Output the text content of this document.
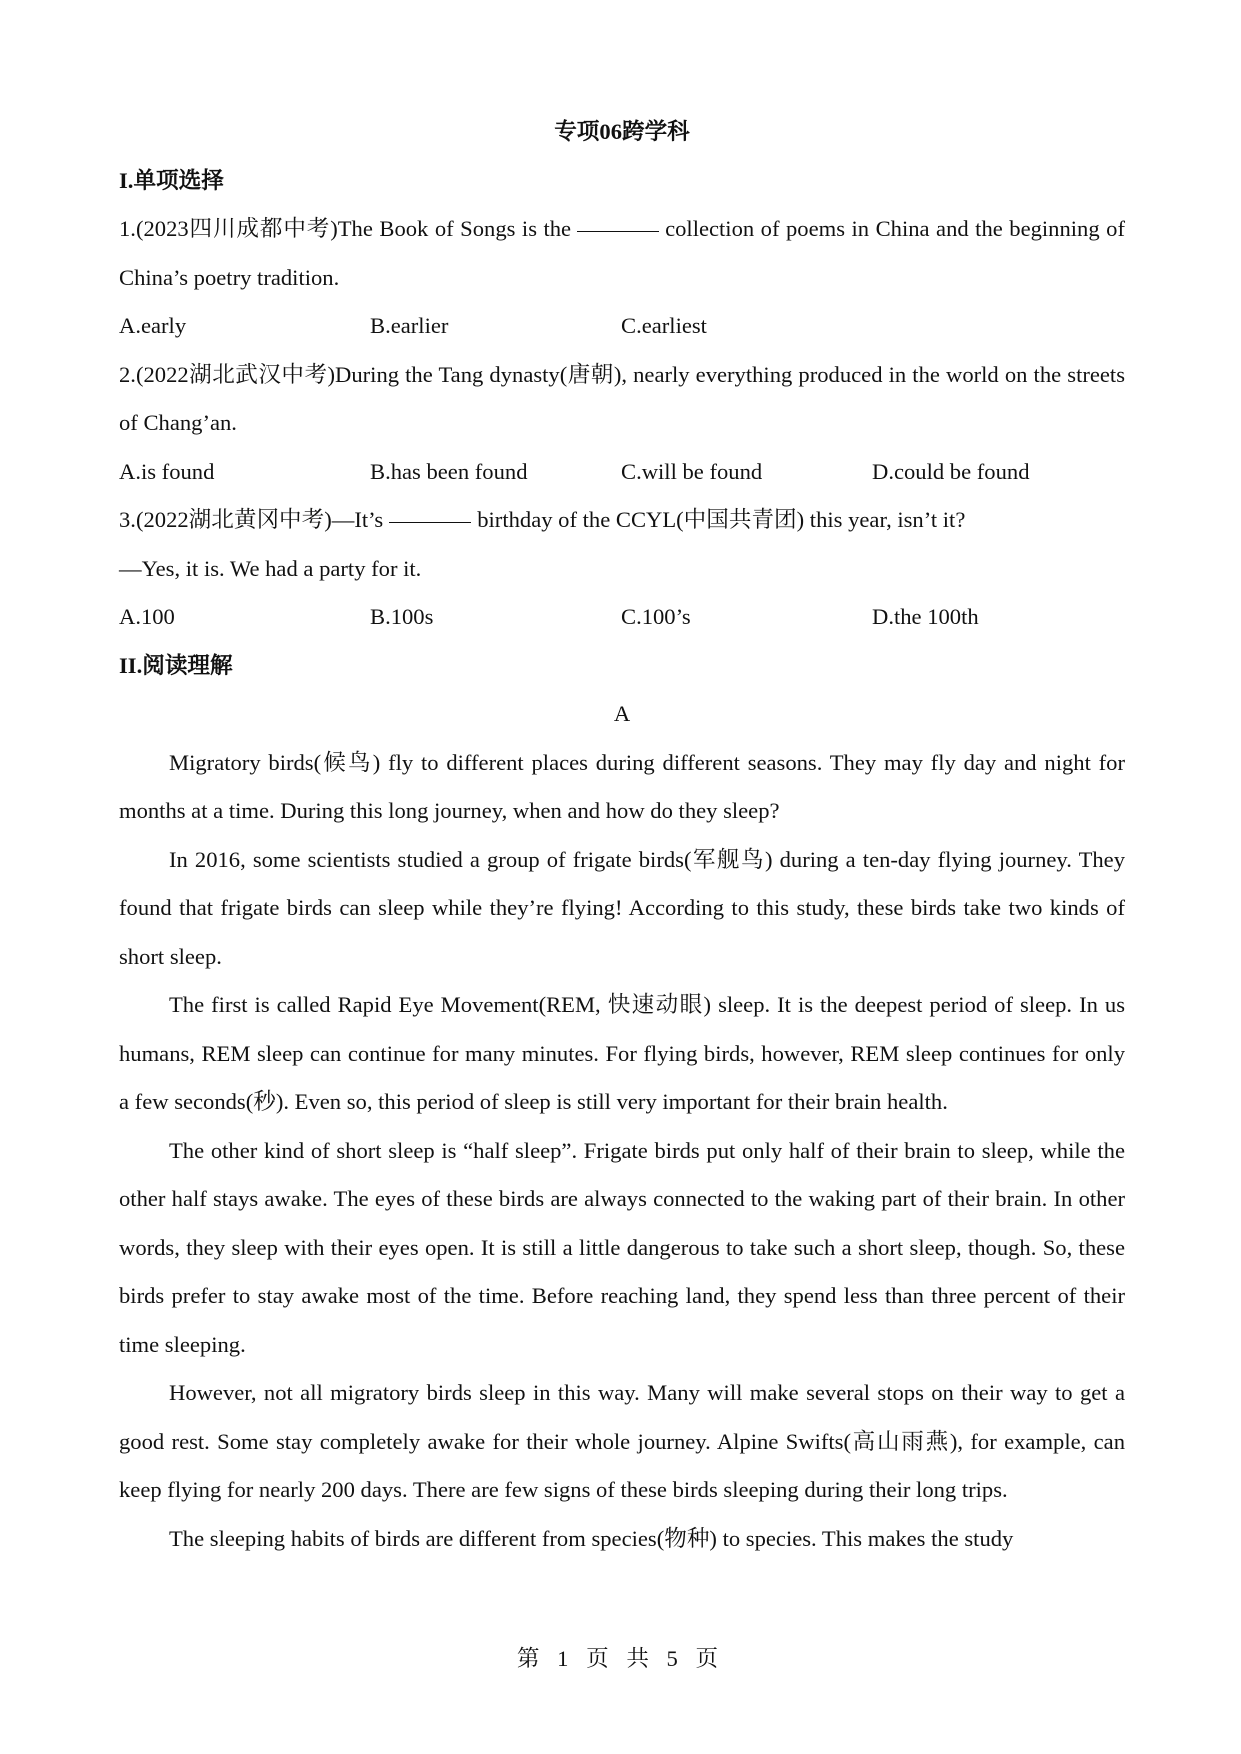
专项06跨学科
I.单项选择
1.(2023四川成都中考)The Book of Songs is the	collection of poems in China and the beginning of China’s poetry tradition.
A.early	B.earlier	C.earliest
2.(2022湖北武汉中考)During the Tang dynasty(唐朝), nearly everything produced in the world on the streets of Chang’an.
A.is found	B.has been found	C.will be found	D.could be found
3.(2022湖北黄冈中考)—It’s	birthday of the CCYL(中国共青团) this year, isn’t it?
—Yes, it is. We had a party for it.
A.100	B.100s	C.100’s	D.the 100th
II.阅读理解
A
Migratory birds(候鸟) fly to different places during different seasons. They may fly day and night for months at a time. During this long journey, when and how do they sleep?
In 2016, some scientists studied a group of frigate birds(军舰鸟) during a ten-day flying journey. They found that frigate birds can sleep while they’re flying! According to this study, these birds take two kinds of short sleep.
The first is called Rapid Eye Movement(REM, 快速动眼) sleep. It is the deepest period of sleep. In us humans, REM sleep can continue for many minutes. For flying birds, however, REM sleep continues for only a few seconds(秒). Even so, this period of sleep is still very important for their brain health.
The other kind of short sleep is “half sleep”. Frigate birds put only half of their brain to sleep, while the other half stays awake. The eyes of these birds are always connected to the waking part of their brain. In other words, they sleep with their eyes open. It is still a little dangerous to take such a short sleep, though. So, these birds prefer to stay awake most of the time. Before reaching land, they spend less than three percent of their time sleeping.
However, not all migratory birds sleep in this way. Many will make several stops on their way to get a good rest. Some stay completely awake for their whole journey. Alpine Swifts(高山雨燕), for example, can keep flying for nearly 200 days. There are few signs of these birds sleeping during their long trips.
The sleeping habits of birds are different from species(物种) to species. This makes the study
第 1 页 共 5 页
